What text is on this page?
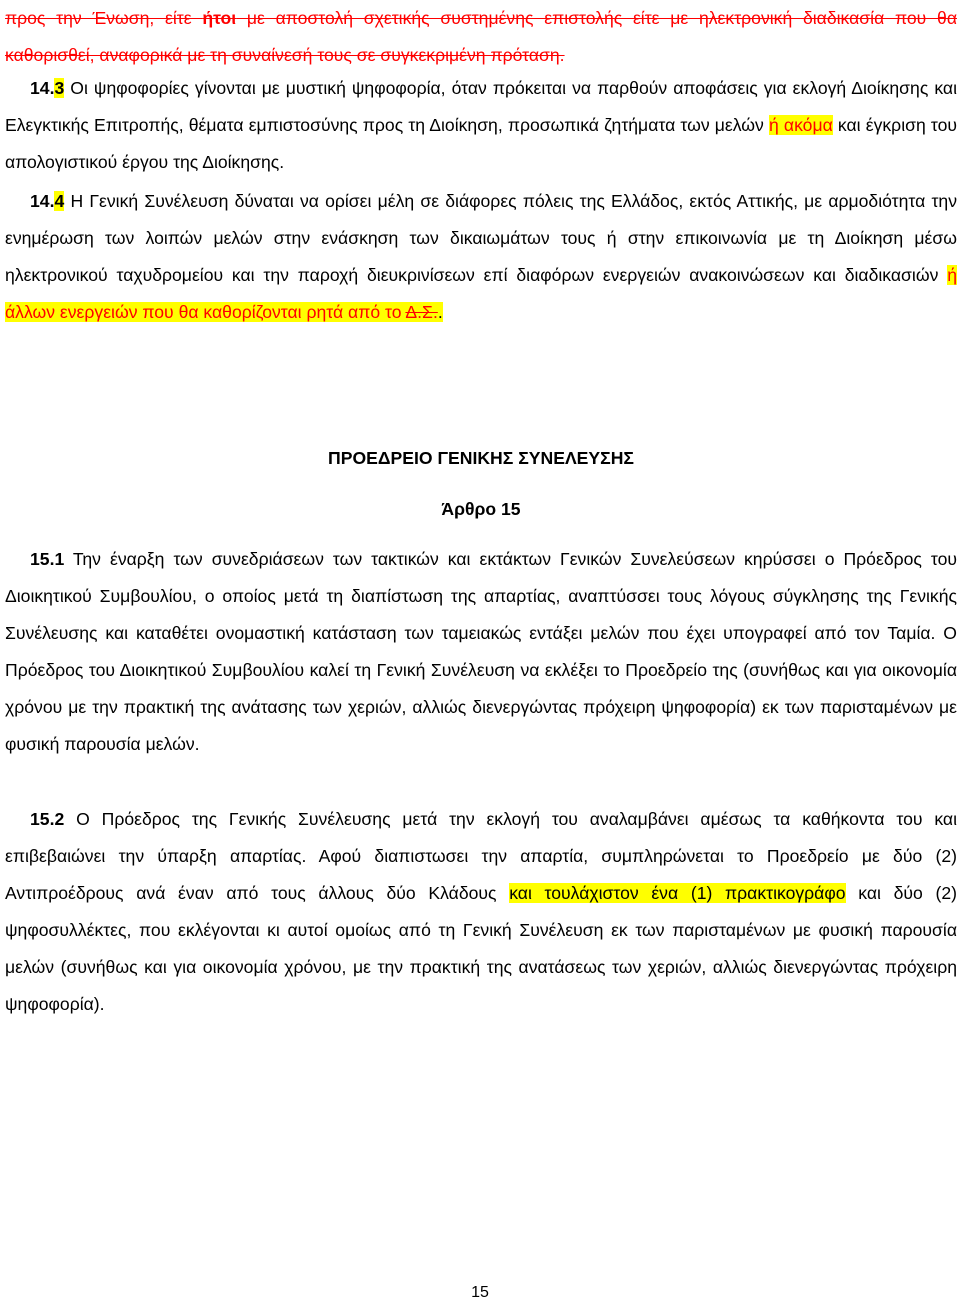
προς την Ένωση, είτε ήτοι με αποστολή σχετικής συστημένης επιστολής είτε με ηλεκτρονική διαδικασία που θα καθορισθεί, αναφορικά με τη συναίνεσή τους σε συγκεκριμένη πρόταση.

14.3 Οι ψηφοφορίες γίνονται με μυστική ψηφοφορία, όταν πρόκειται να παρθούν αποφάσεις για εκλογή Διοίκησης και Ελεγκτικής Επιτροπής, θέματα εμπιστοσύνης προς τη Διοίκηση, προσωπικά ζητήματα των μελών ή ακόμα και έγκριση του απολογιστικού έργου της Διοίκησης.

14.4 Η Γενική Συνέλευση δύναται να ορίσει μέλη σε διάφορες πόλεις της Ελλάδος, εκτός Αττικής, με αρμοδιότητα την ενημέρωση των λοιπών μελών στην ενάσκηση των δικαιωμάτων τους ή στην επικοινωνία με τη Διοίκηση μέσω ηλεκτρονικού ταχυδρομείου και την παροχή διευκρινίσεων επί διαφόρων ενεργειών ανακοινώσεων και διαδικασιών ή άλλων ενεργειών που θα καθορίζονται ρητά από το Δ.Σ..

ΠΡΟΕΔΡΕΙΟ ΓΕΝΙΚΗΣ ΣΥΝΕΛΕΥΣΗΣ
Άρθρο 15

15.1 Την έναρξη των συνεδριάσεων των τακτικών και εκτάκτων Γενικών Συνελεύσεων κηρύσσει ο Πρόεδρος του Διοικητικού Συμβουλίου, ο οποίος μετά τη διαπίστωση της απαρτίας, αναπτύσσει τους λόγους σύγκλησης της Γενικής Συνέλευσης και καταθέτει ονομαστική κατάσταση των ταμειακώς εντάξει μελών που έχει υπογραφεί από τον Ταμία. Ο Πρόεδρος του Διοικητικού Συμβουλίου καλεί τη Γενική Συνέλευση να εκλέξει το Προεδρείο της (συνήθως και για οικονομία χρόνου με την πρακτική της ανάτασης των χεριών, αλλιώς διενεργώντας πρόχειρη ψηφοφορία) εκ των παρισταμένων με φυσική παρουσία μελών.

15.2 Ο Πρόεδρος της Γενικής Συνέλευσης μετά την εκλογή του αναλαμβάνει αμέσως τα καθήκοντα του και επιβεβαιώνει την ύπαρξη απαρτίας. Αφού διαπιστωσει την απαρτία, συμπληρώνεται το Προεδρείο με δύο (2) Αντιπροέδρους ανά έναν από τους άλλους δύο Κλάδους και τουλάχιστον ένα (1) πρακτικογράφο και δύο (2) ψηφοσυλλέκτες, που εκλέγονται κι αυτοί ομοίως από τη Γενική Συνέλευση εκ των παρισταμένων με φυσική παρουσία μελών (συνήθως και για οικονομία χρόνου, με την πρακτική της ανατάσεως των χεριών, αλλιώς διενεργώντας πρόχειρη ψηφοφορία).

15
